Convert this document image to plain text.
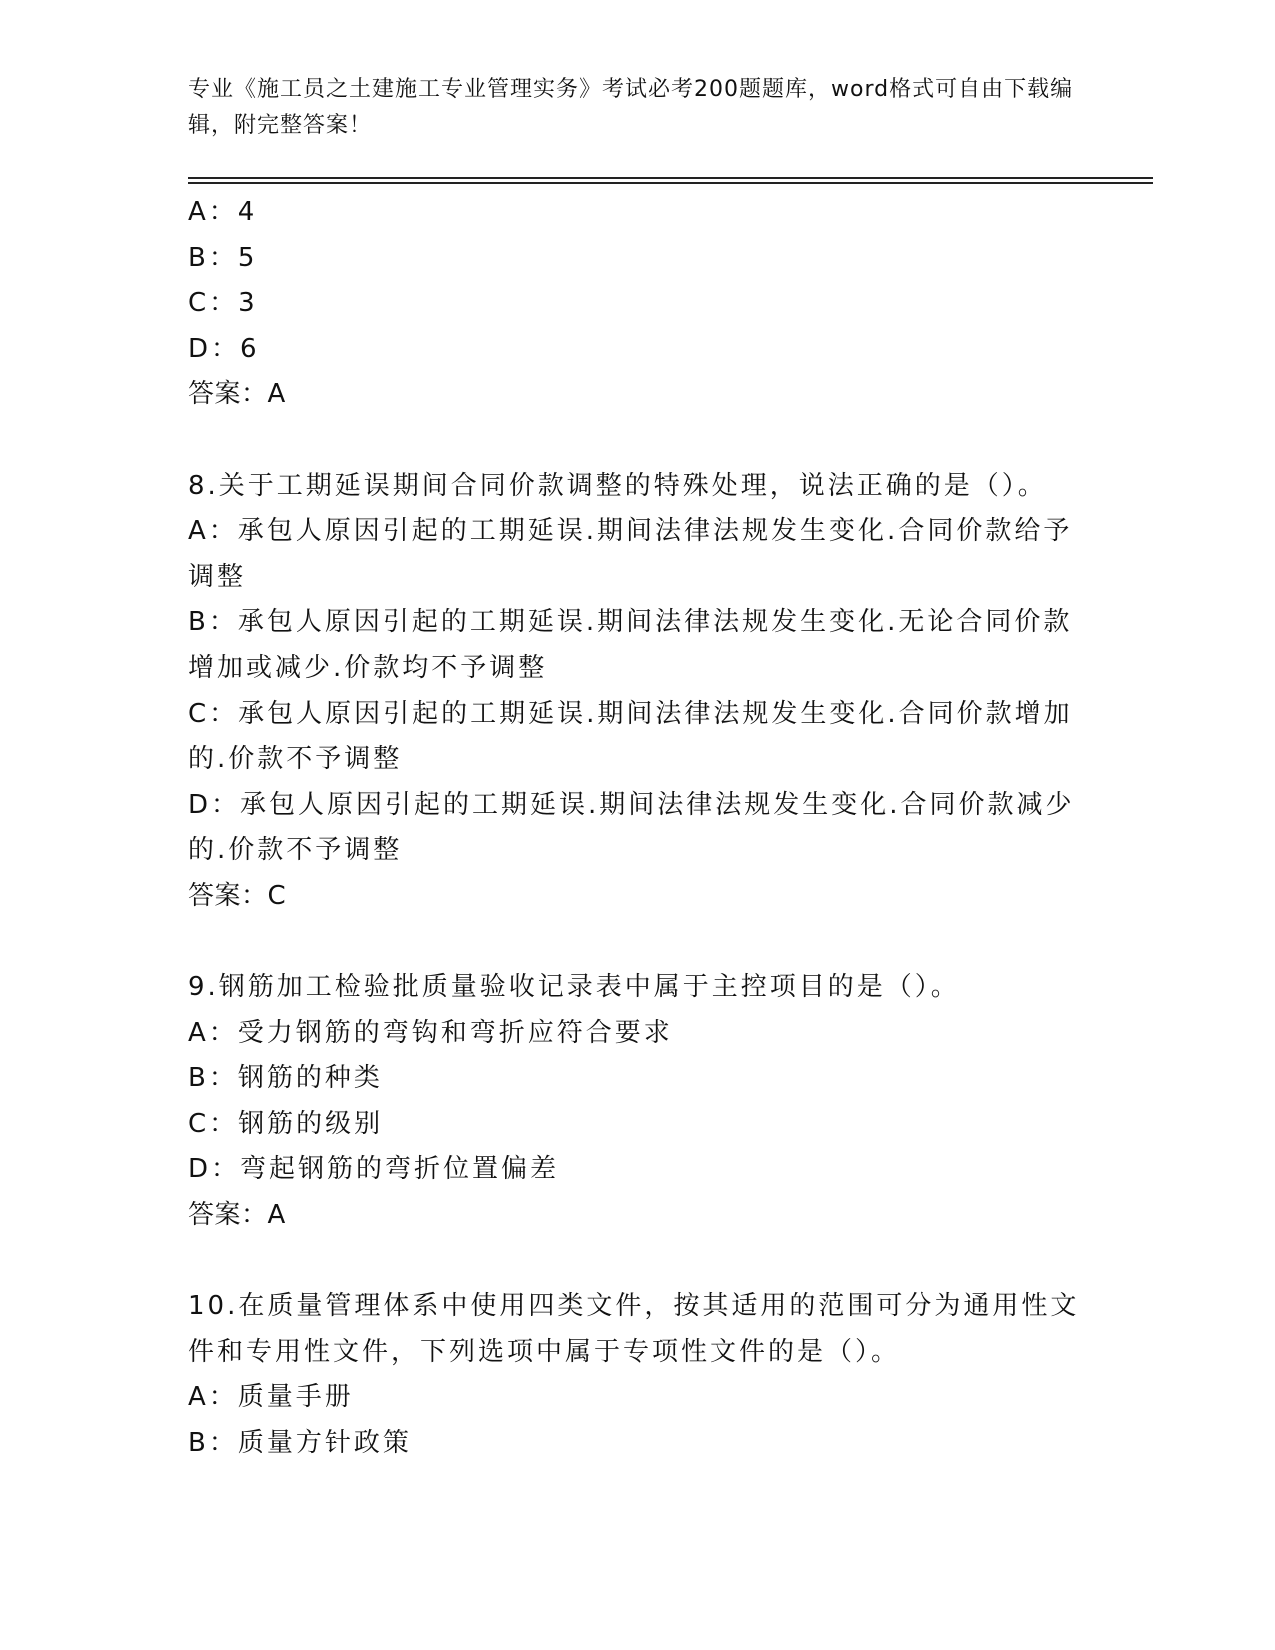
专业《施工员之土建施工专业管理实务》考试必考200题题库，word格式可自由下载编辑，附完整答案！

A：4

B：5

C：3

D：6

答案：A

8.关于工期延误期间合同价款调整的特殊处理，说法正确的是（）。

A：承包人原因引起的工期延误.期间法律法规发生变化.合同价款给予

调整

B：承包人原因引起的工期延误.期间法律法规发生变化.无论合同价款

增加或减少.价款均不予调整

C：承包人原因引起的工期延误.期间法律法规发生变化.合同价款增加

的.价款不予调整

D：承包人原因引起的工期延误.期间法律法规发生变化.合同价款减少

的.价款不予调整

答案：C

9.钢筋加工检验批质量验收记录表中属于主控项目的是（）。

A：受力钢筋的弯钩和弯折应符合要求

B：钢筋的种类

C：钢筋的级别

D：弯起钢筋的弯折位置偏差

答案：A

10.在质量管理体系中使用四类文件，按其适用的范围可分为通用性文

件和专用性文件，下列选项中属于专项性文件的是（）。

A：质量手册

B：质量方针政策
